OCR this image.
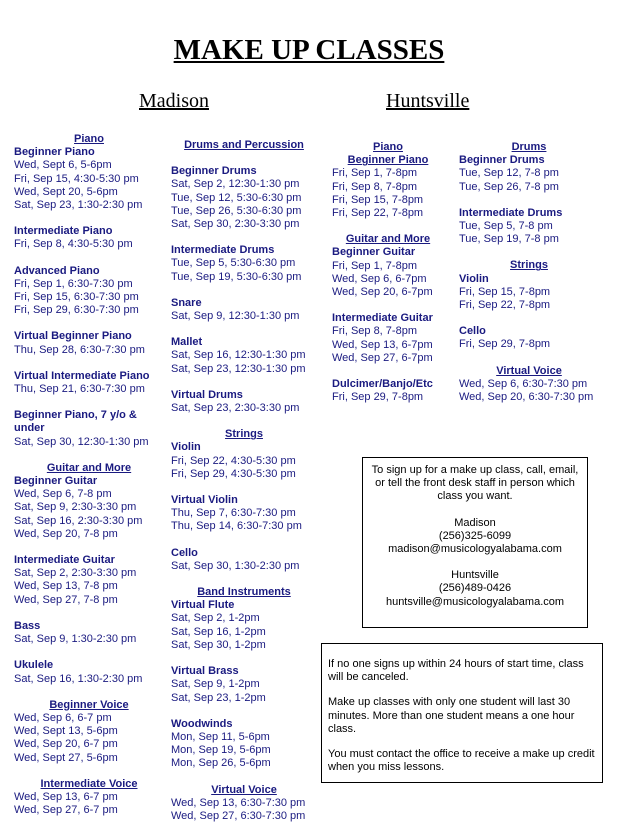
MAKE UP CLASSES
Madison	Huntsville
Piano
Beginner Piano
Wed, Sept 6, 5-6pm
Fri, Sep 15, 4:30-5:30 pm
Wed, Sept 20, 5-6pm
Sat, Sep 23, 1:30-2:30 pm
Intermediate Piano
Fri, Sep 8, 4:30-5:30 pm
Advanced Piano
Fri, Sep 1, 6:30-7:30 pm
Fri, Sep 15, 6:30-7:30 pm
Fri, Sep 29, 6:30-7:30 pm
Virtual Beginner Piano
Thu, Sep 28, 6:30-7:30 pm
Virtual Intermediate Piano
Thu, Sep 21, 6:30-7:30 pm
Beginner Piano, 7 y/o & under
Sat, Sep 30, 12:30-1:30 pm
Guitar and More
Beginner Guitar
Wed, Sep 6, 7-8 pm
Sat, Sep 9, 2:30-3:30 pm
Sat, Sep 16, 2:30-3:30 pm
Wed, Sep 20, 7-8 pm
Intermediate Guitar
Sat, Sep 2, 2:30-3:30 pm
Wed, Sep 13, 7-8 pm
Wed, Sep 27, 7-8 pm
Bass
Sat, Sep 9, 1:30-2:30 pm
Ukulele
Sat, Sep 16, 1:30-2:30 pm
Beginner Voice
Wed, Sep 6, 6-7 pm
Wed, Sept 13, 5-6pm
Wed, Sep 20, 6-7 pm
Wed, Sept 27, 5-6pm
Intermediate Voice
Wed, Sep 13, 6-7 pm
Wed, Sep 27, 6-7 pm
Drums and Percussion
Beginner Drums
Sat, Sep 2, 12:30-1:30 pm
Tue, Sep 12, 5:30-6:30 pm
Tue, Sep 26, 5:30-6:30 pm
Sat, Sep 30, 2:30-3:30 pm
Intermediate Drums
Tue, Sep 5, 5:30-6:30 pm
Tue, Sep 19, 5:30-6:30 pm
Snare
Sat, Sep 9, 12:30-1:30 pm
Mallet
Sat, Sep 16, 12:30-1:30 pm
Sat, Sep 23, 12:30-1:30 pm
Virtual Drums
Sat, Sep 23, 2:30-3:30 pm
Strings
Violin
Fri, Sep 22, 4:30-5:30 pm
Fri, Sep 29, 4:30-5:30 pm
Virtual Violin
Thu, Sep 7, 6:30-7:30 pm
Thu, Sep 14, 6:30-7:30 pm
Cello
Sat, Sep 30, 1:30-2:30 pm
Band Instruments
Virtual Flute
Sat, Sep 2, 1-2pm
Sat, Sep 16, 1-2pm
Sat, Sep 30, 1-2pm
Virtual Brass
Sat, Sep 9, 1-2pm
Sat, Sep 23, 1-2pm
Woodwinds
Mon, Sep 11, 5-6pm
Mon, Sep 19, 5-6pm
Mon, Sep 26, 5-6pm
Virtual Voice
Wed, Sep 13, 6:30-7:30 pm
Wed, Sep 27, 6:30-7:30 pm
Piano
Beginner Piano
Fri, Sep 1, 7-8pm
Fri, Sep 8, 7-8pm
Fri, Sep 15, 7-8pm
Fri, Sep 22, 7-8pm
Guitar and More
Beginner Guitar
Fri, Sep 1, 7-8pm
Wed, Sep 6, 6-7pm
Wed, Sep 20, 6-7pm
Intermediate Guitar
Fri, Sep 8, 7-8pm
Wed, Sep 13, 6-7pm
Wed, Sep 27, 6-7pm
Dulcimer/Banjo/Etc
Fri, Sep 29, 7-8pm
Drums
Beginner Drums
Tue, Sep 12, 7-8 pm
Tue, Sep 26, 7-8 pm
Intermediate Drums
Tue, Sep 5, 7-8 pm
Tue, Sep 19, 7-8 pm
Strings
Violin
Fri, Sep 15, 7-8pm
Fri, Sep 22, 7-8pm
Cello
Fri, Sep 29, 7-8pm
Virtual Voice
Wed, Sep 6, 6:30-7:30 pm
Wed, Sep 20, 6:30-7:30 pm

To sign up for a make up class, call, email, or tell the front desk staff in person which class you want.

Madison
(256)325-6099
madison@musicologyalabama.com

Huntsville
(256)489-0426
huntsville@musicologyalabama.com

If no one signs up within 24 hours of start time, class will be canceled.

Make up classes with only one student will last 30 minutes. More than one student means a one hour class.

You must contact the office to receive a make up credit when you miss lessons.
